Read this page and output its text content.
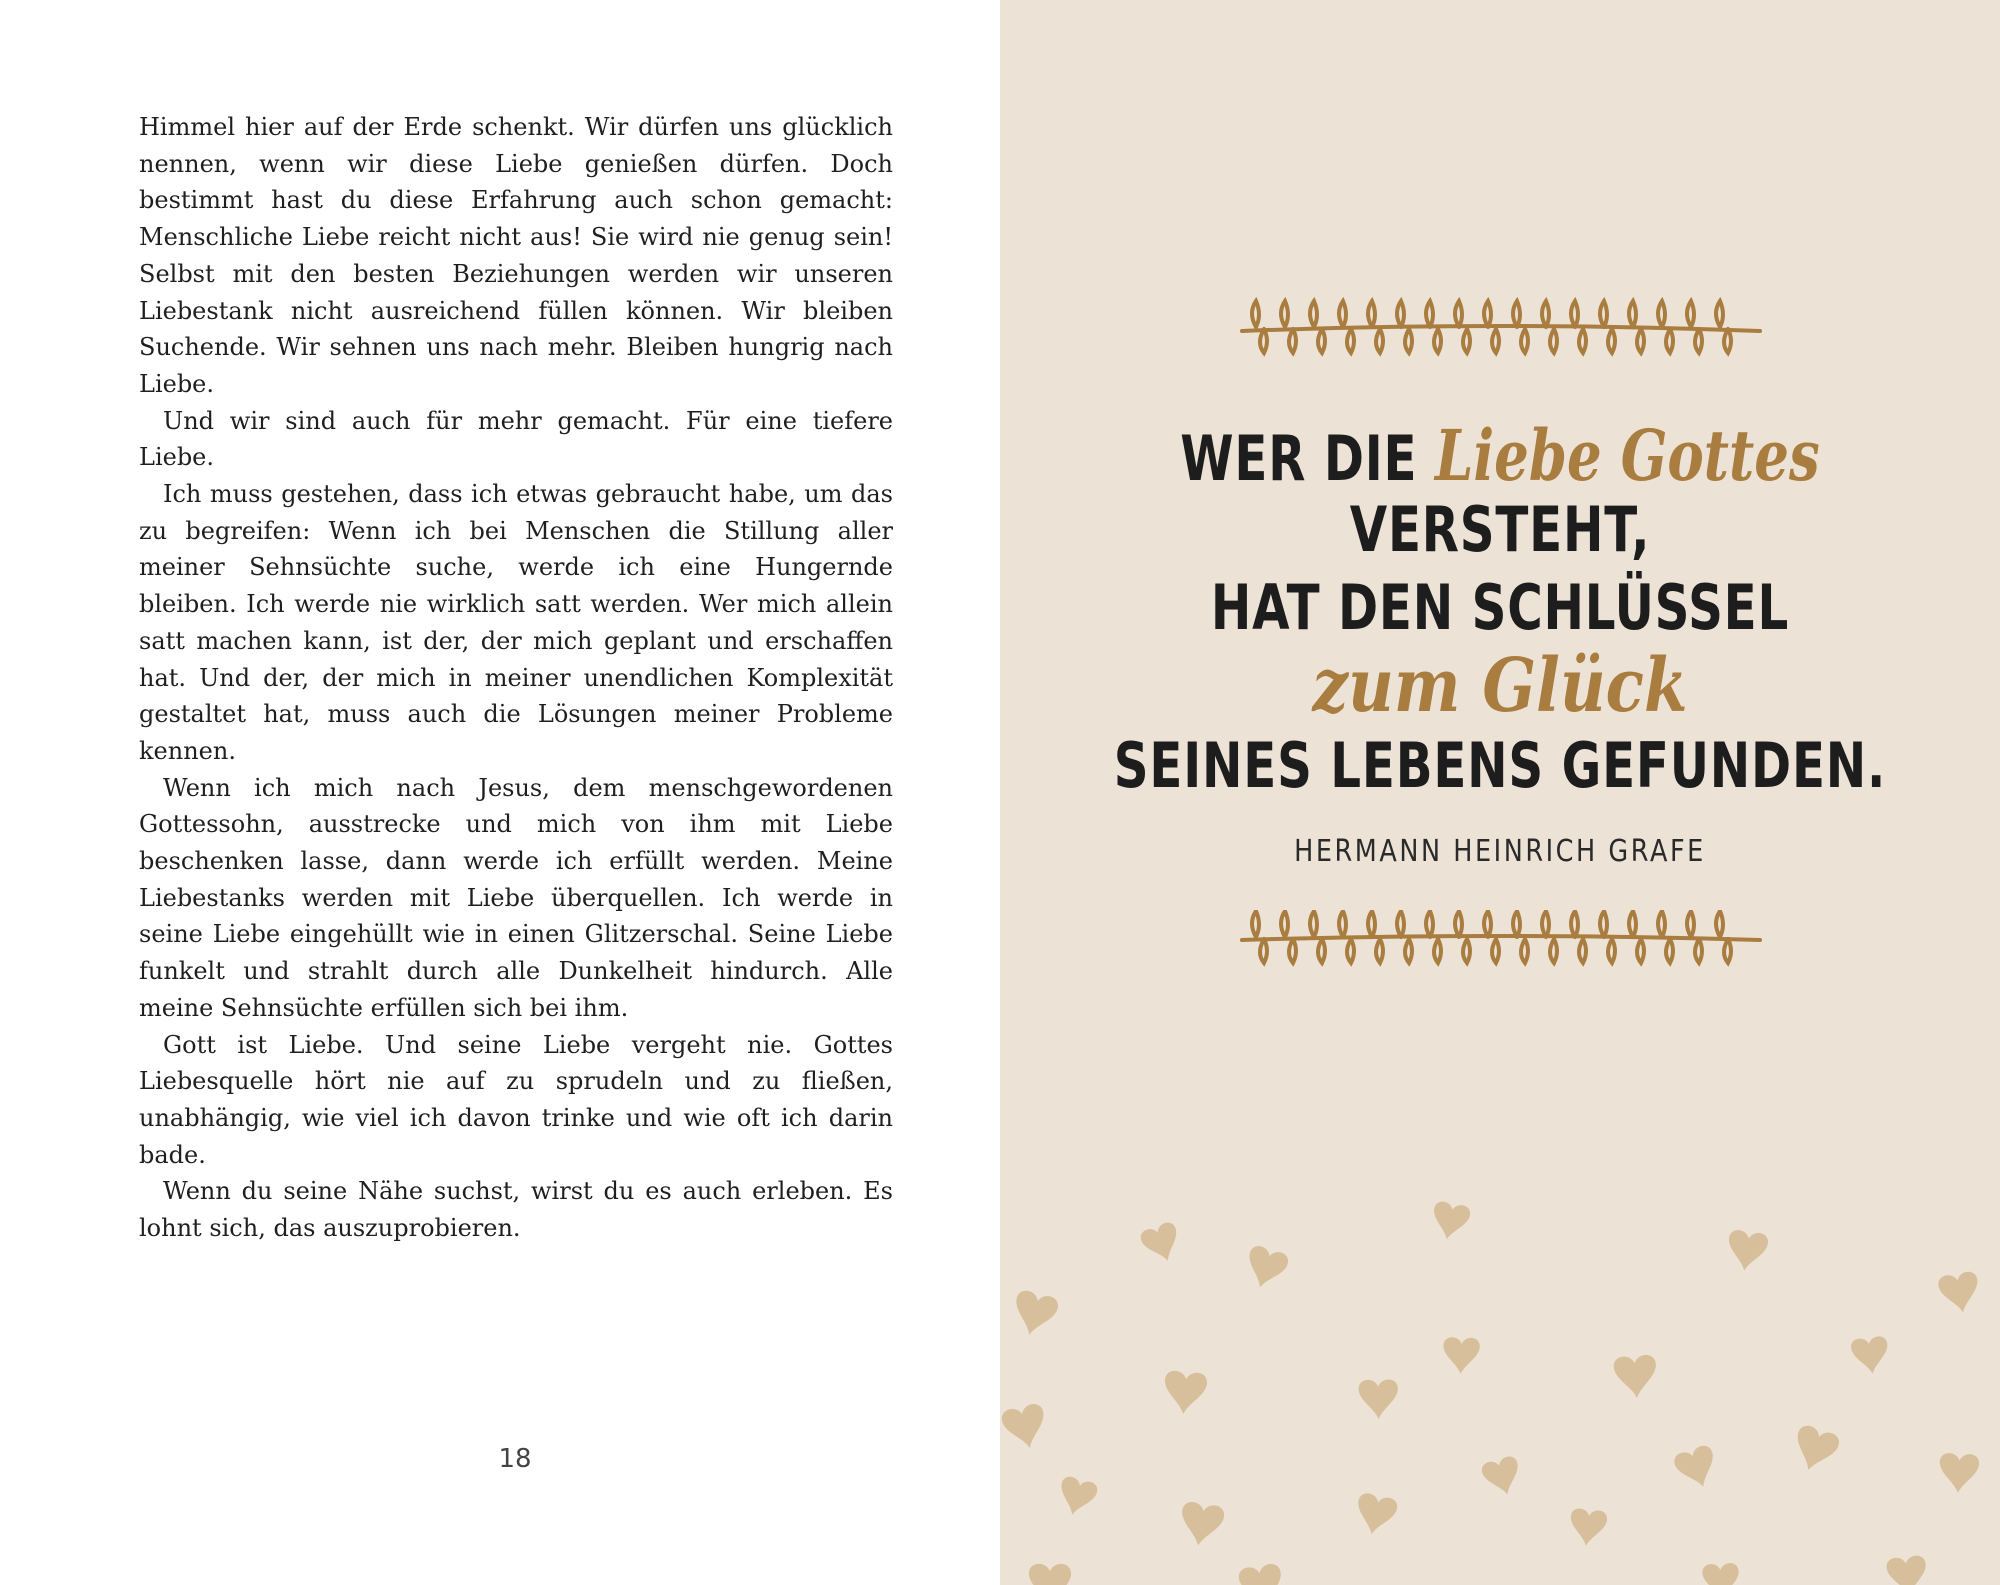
Himmel hier auf der Erde schenkt. Wir dürfen uns glücklich nennen, wenn wir diese Liebe genießen dürfen. Doch bestimmt hast du diese Erfahrung auch schon gemacht: Menschliche Liebe reicht nicht aus! Sie wird nie genug sein! Selbst mit den besten Beziehungen werden wir unseren Liebestank nicht ausreichend füllen können. Wir bleiben Suchende. Wir sehnen uns nach mehr. Bleiben hungrig nach Liebe.

Und wir sind auch für mehr gemacht. Für eine tiefere Liebe.

Ich muss gestehen, dass ich etwas gebraucht habe, um das zu begreifen: Wenn ich bei Menschen die Stillung aller meiner Sehnsüchte suche, werde ich eine Hungernde bleiben. Ich werde nie wirklich satt werden. Wer mich allein satt machen kann, ist der, der mich geplant und erschaffen hat. Und der, der mich in meiner unendlichen Komplexität gestaltet hat, muss auch die Lösungen meiner Probleme kennen.

Wenn ich mich nach Jesus, dem menschgewordenen Gottessohn, ausstrecke und mich von ihm mit Liebe beschenken lasse, dann werde ich erfüllt werden. Meine Liebestanks werden mit Liebe überquellen. Ich werde in seine Liebe eingehüllt wie in einen Glitzerschal. Seine Liebe funkelt und strahlt durch alle Dunkelheit hindurch. Alle meine Sehnsüchte erfüllen sich bei ihm.

Gott ist Liebe. Und seine Liebe vergeht nie. Gottes Liebesquelle hört nie auf zu sprudeln und zu fließen, unabhängig, wie viel ich davon trinke und wie oft ich darin bade.

Wenn du seine Nähe suchst, wirst du es auch erleben. Es lohnt sich, das auszuprobieren.

18
WER DIE Liebe Gottes
VERSTEHT,
HAT DEN SCHLÜSSEL
zum Glück
SEINES LEBENS GEFUNDEN.
HERMANN HEINRICH GRAFE
